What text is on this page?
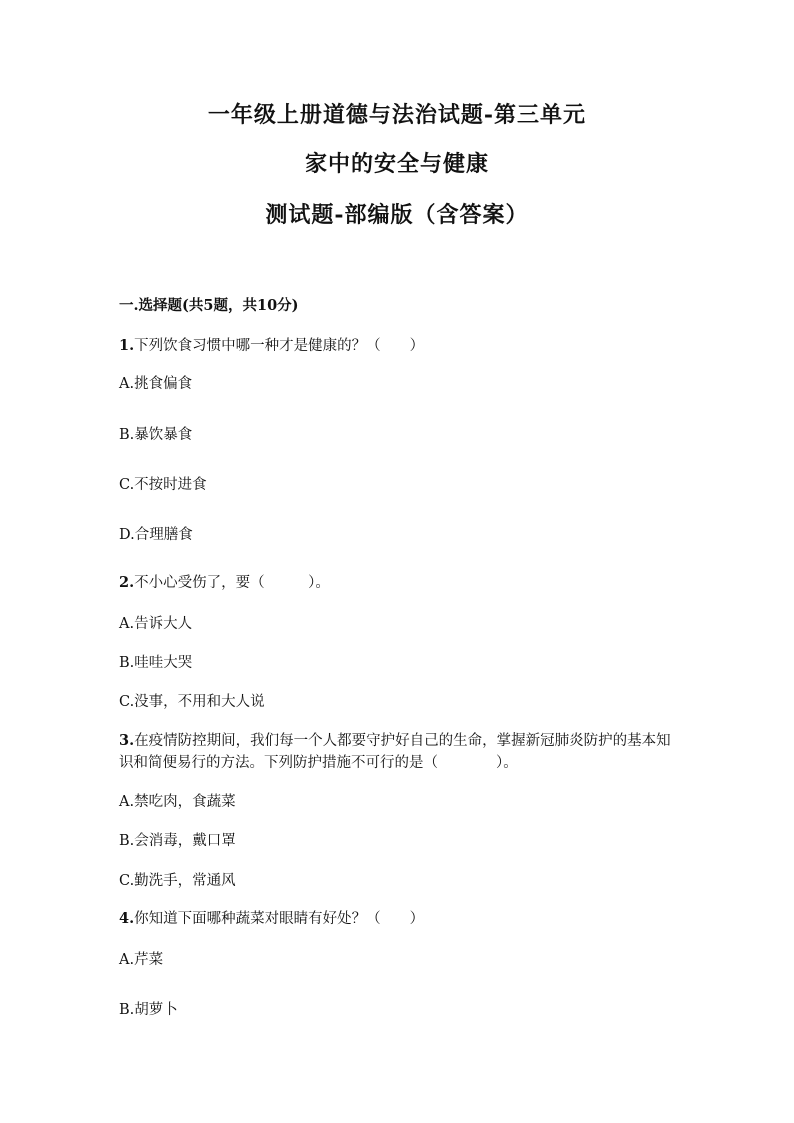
一年级上册道德与法治试题-第三单元
家中的安全与健康
测试题-部编版（含答案）
一.选择题(共5题，共10分)
1.下列饮食习惯中哪一种才是健康的？（　　）
A.挑食偏食
B.暴饮暴食
C.不按时进食
D.合理膳食
2.不小心受伤了，要（　　　）。
A.告诉大人
B.哇哇大哭
C.没事，不用和大人说
3.在疫情防控期间，我们每一个人都要守护好自己的生命，掌握新冠肺炎防护的基本知识和简便易行的方法。下列防护措施不可行的是（　　　　）。
A.禁吃肉，食蔬菜
B.会消毒，戴口罩
C.勤洗手，常通风
4.你知道下面哪种蔬菜对眼睛有好处？（　　）
A.芹菜
B.胡萝卜
